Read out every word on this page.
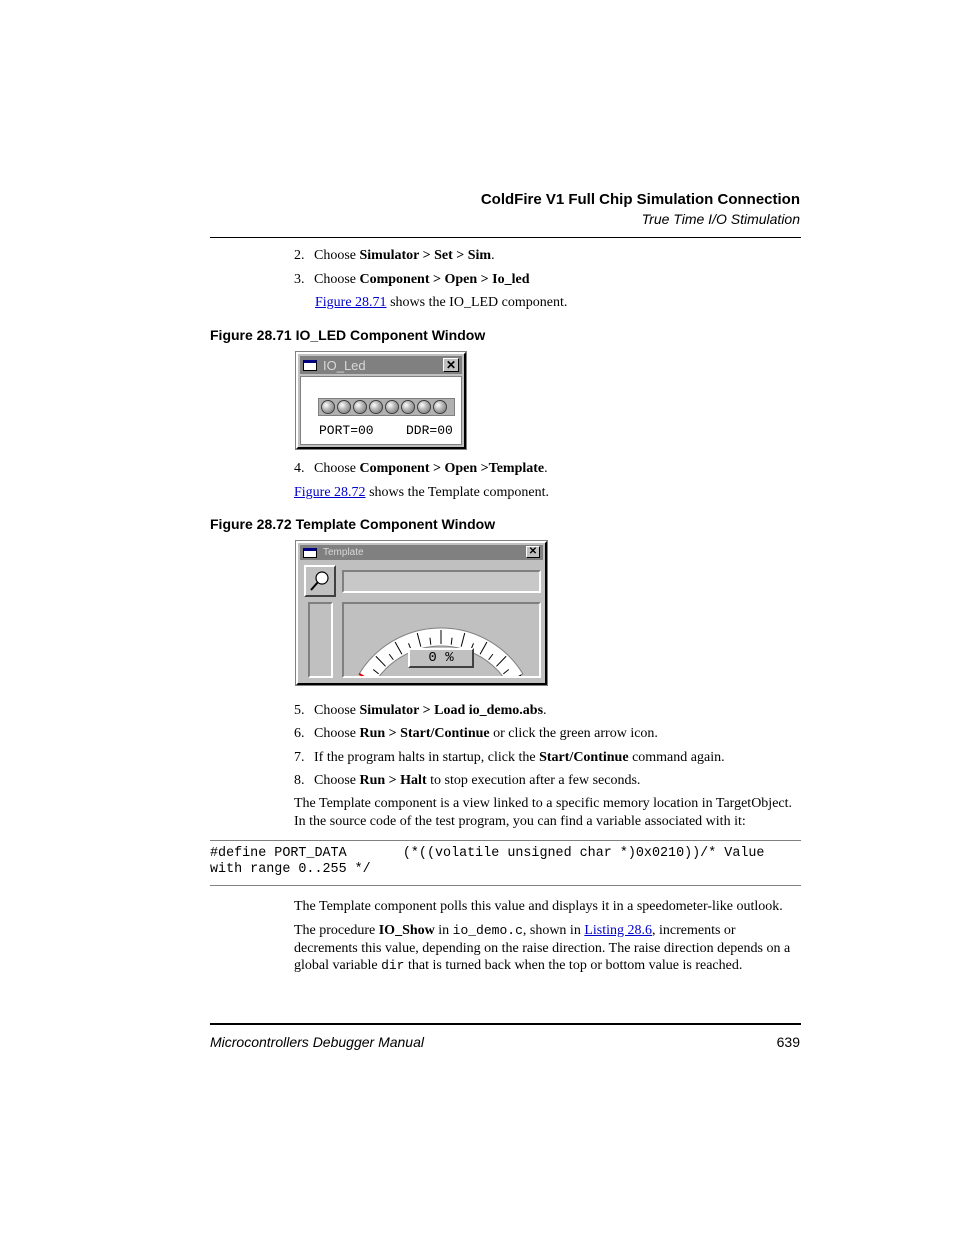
ColdFire V1 Full Chip Simulation Connection
True Time I/O Stimulation
2. Choose Simulator > Set > Sim.
3. Choose Component > Open > Io_led
Figure 28.71 shows the IO_LED component.
Figure 28.71 IO_LED Component Window
IO_Led	✕
PORT=00 DDR=00
4. Choose Component > Open >Template.
Figure 28.72 shows the Template component.
Figure 28.72 Template Component Window
Template	✕
0 %
5. Choose Simulator > Load io_demo.abs.
6. Choose Run > Start/Continue or click the green arrow icon.
7. If the program halts in startup, click the Start/Continue command again.
8. Choose Run > Halt to stop execution after a few seconds.
The Template component is a view linked to a specific memory location in TargetObject.
In the source code of the test program, you can find a variable associated with it:
#define PORT_DATA       (*((volatile unsigned char *)0x0210))/* Value
with range 0..255 */
The Template component polls this value and displays it in a speedometer-like outlook.
The procedure IO_Show in io_demo.c, shown in Listing 28.6, increments or
decrements this value, depending on the raise direction. The raise direction depends on a
global variable dir that is turned back when the top or bottom value is reached.
Microcontrollers Debugger Manual	639
